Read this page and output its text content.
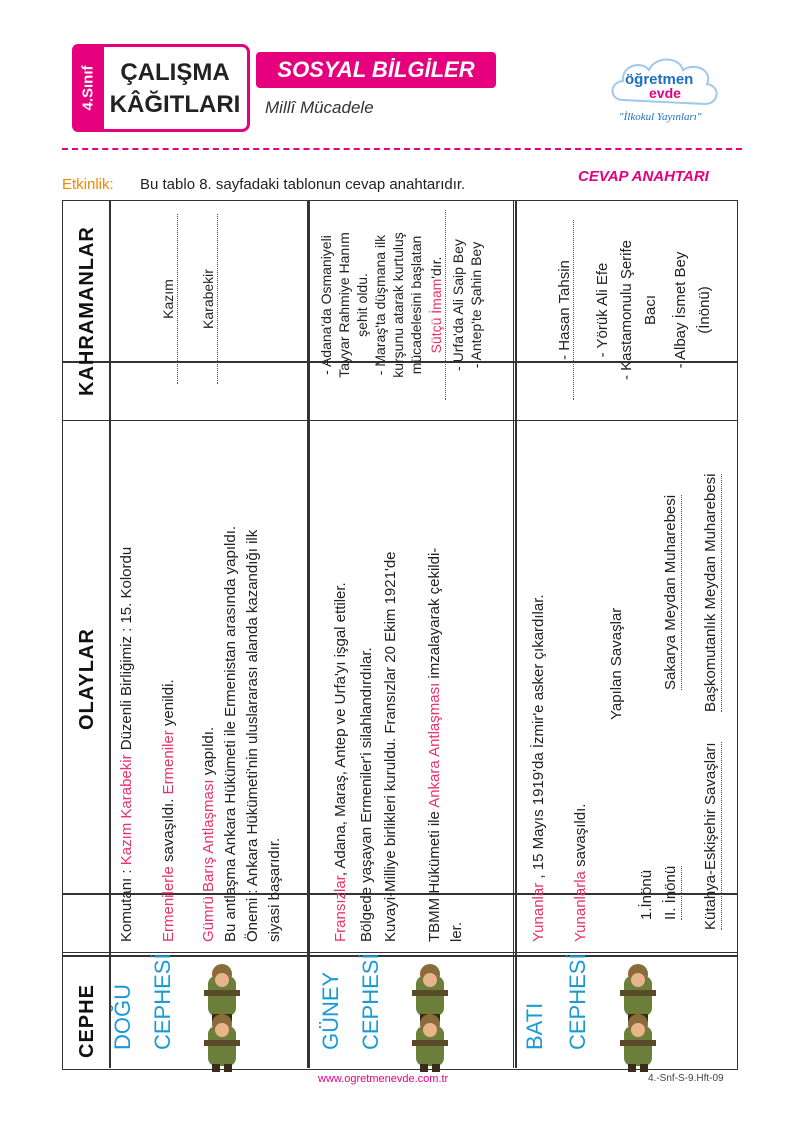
4.Sınıf ÇALIŞMA
KÂĞITLARI
SOSYAL BİLGİLER
Millî Mücadele
öğretmen
evde
"İlkokul Yayınları"
Etkinlik: Bu tablo 8. sayfadaki tablonun cevap anahtarıdır.	CEVAP ANAHTARI
CEPHE
OLAYLAR
KAHRAMANLAR
DOĞU CEPHESİ
Komutanı : Kazım Karabekir Düzenli Birliğimiz : 15. Kolordu
Ermenilerle savaşıldı. Ermeniler yenildi.
Gümrü Barış Antlaşması yapıldı. Bu antlaşma Ankara Hükümeti ile Ermenistan arasında yapıldı. Önemi : Ankara Hükümeti'nin uluslararası alanda kazandığı ilk siyasi başarıdır.
Kazım Karabekir
GÜNEY CEPHESİ
Fransızlar, Adana, Maraş, Antep ve Urfa'yı işgal ettiler. Bölgede yaşayan Ermeniler'i silahlandırdılar. Kuvayi-Milliye birlikleri kuruldu. Fransızlar 20 Ekim 1921'de TBMM Hükümeti ile Ankara Antlaşması imzalayarak çekildi-
ler.
- Adana'da Osmaniyeli Tayyar Rahmiye Hanım şehit oldu. - Maraş'ta düşmana ilk kurşunu atarak kurtuluş mücadelesini başlatan Sütçü İmam'dır. - Urfa'da Ali Saip Bey - Antep'te Şahin Bey
BATI CEPHESİ
Yunanlar , 15 Mayıs 1919'da İzmir'e asker çıkardılar.
Yunanlarla savaşıldı.
Yapılan Savaşlar
1.İnönü II. İnönü Kütahya-Eskişehir Savaşları
Sakarya Meydan Muharebesi Başkomutanlık Meydan Muharebesi
- Hasan Tahsin - Yörük Ali Efe - Kastamonulu Şerife Bacı - Albay İsmet Bey (İnönü)
www.ogretmenevde.com.tr	4.-Snf-S-9.Hft-09
